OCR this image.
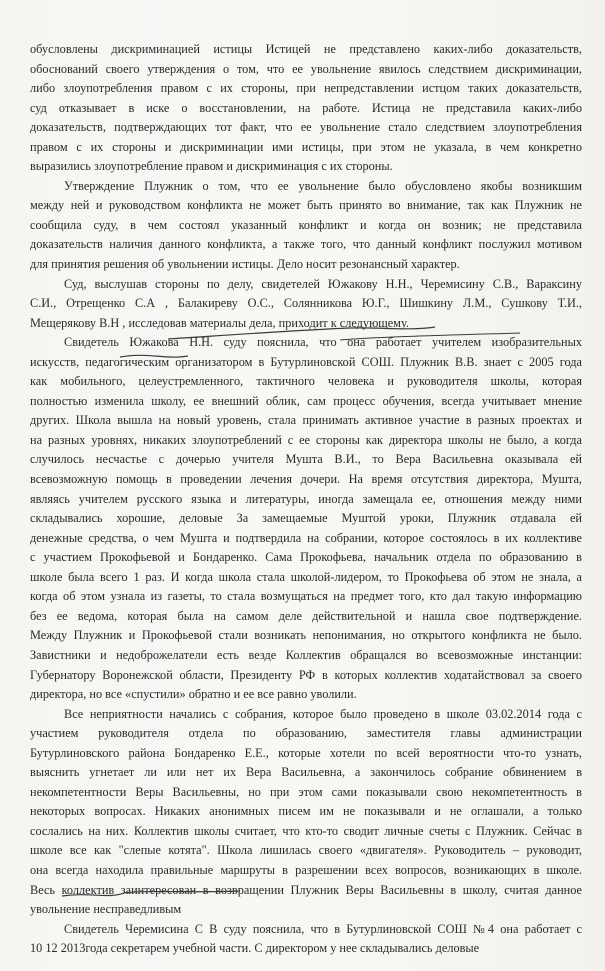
обусловлены дискриминацией истицы Истицей не представлено каких-либо доказательств,
обоснований своего утверждения о том, что ее увольнение явилось следствием дискриминации,
либо злоупотребления правом с их стороны, при непредставлении истцом таких доказательств,
суд отказывает в иске о восстановлении, на работе. Истица не представила каких-либо
доказательств, подтверждающих тот факт, что ее увольнение стало следствием злоупотребления
правом с их стороны и дискриминации ими истицы, при этом не указала, в чем конкретно
выразились злоупотребление правом и дискриминация с их стороны.
Утверждение Плужник о том, что ее увольнение было обусловлено якобы возникшим
между ней и руководством конфликта не может быть принято во внимание, так как Плужник не
сообщила суду, в чем состоял указанный конфликт и когда он возник; не представила
доказательств наличия данного конфликта, а также того, что данный конфликт послужил мотивом
для принятия решения об увольнении истицы. Дело носит резонансный характер.
Суд, выслушав стороны по делу, свидетелей Южакову Н.Н., Черемисину С.В., Вараксину
С.И., Отрещенко С.А , Балакиреву О.С., Солянникова Ю.Г., Шишкину Л.М., Сушкову Т.И.,
Мещерякову В.Н , исследовав материалы дела, приходит к следующему.
Свидетель Южакова Н.Н. суду пояснила, что она работает учителем изобразительных
искусств, педагогическим организатором в Бутурлиновской СОШ. Плужник В.В. знает с 2005 года
как мобильного, целеустремленного, тактичного человека и руководителя школы, которая
полностью изменила школу, ее внешний облик, сам процесс обучения, всегда учитывает мнение
других. Школа вышла на новый уровень, стала принимать активное участие в разных проектах и
на разных уровнях, никаких злоупотреблений с ее стороны как директора школы не было, а когда
случилось несчастье с дочерью учителя Мушта В.И., то Вера Васильевна оказывала ей
всевозможную помощь в проведении лечения дочери. На время отсутствия директора, Мушта,
являясь учителем русского языка и литературы, иногда замещала ее, отношения между ними
складывались хорошие, деловые За замещаемые Муштой уроки, Плужник отдавала ей
денежные средства, о чем Мушта и подтвердила на собрании, которое состоялось в их коллективе
с участием Прокофьевой и Бондаренко. Сама Прокофьева, начальник отдела по образованию в
школе была всего 1 раз. И когда школа стала школой-лидером, то Прокофьева об этом не знала, а
когда об этом узнала из газеты, то стала возмущаться на предмет того, кто дал такую информацию
без ее ведома, которая была на самом деле действительной и нашла свое подтверждение.
Между Плужник и Прокофьевой стали возникать непонимания, но открытого конфликта не было.
Завистники и недоброжелатели есть везде Коллектив обращался во всевозможные инстанции:
Губернатору Воронежской области, Президенту РФ в которых коллектив ходатайствовал за своего
директора, но все «спустили» обратно и ее все равно уволили.
Все неприятности начались с собрания, которое было проведено в школе 03.02.2014 года с
участием руководителя отдела по образованию, заместителя главы администрации
Бутурлиновского района Бондаренко Е.Е., которые хотели по всей вероятности что-то узнать,
выяснить угнетает ли или нет их Вера Васильевна, а закончилось собрание обвинением в
некомпетентности Веры Васильевны, но при этом сами показывали свою некомпетентность в
некоторых вопросах. Никаких анонимных писем им не показывали и не оглашали, а только
сослались на них. Коллектив школы считает, что кто-то сводит личные счеты с Плужник. Сейчас в
школе все как "слепые котята". Школа лишилась своего «двигателя». Руководитель – руководит,
она всегда находила правильные маршруты в разрешении всех вопросов, возникающих в школе.
Весь коллектив заинтересован в возвращении Плужник Веры Васильевны в школу, считая данное
увольнение несправедливым
Свидетель Черемисина С В суду пояснила, что в Бутурлиновской СОШ №4 она работает с
10 12 2013года секретарем учебной части. С директором у нее складывались деловые
